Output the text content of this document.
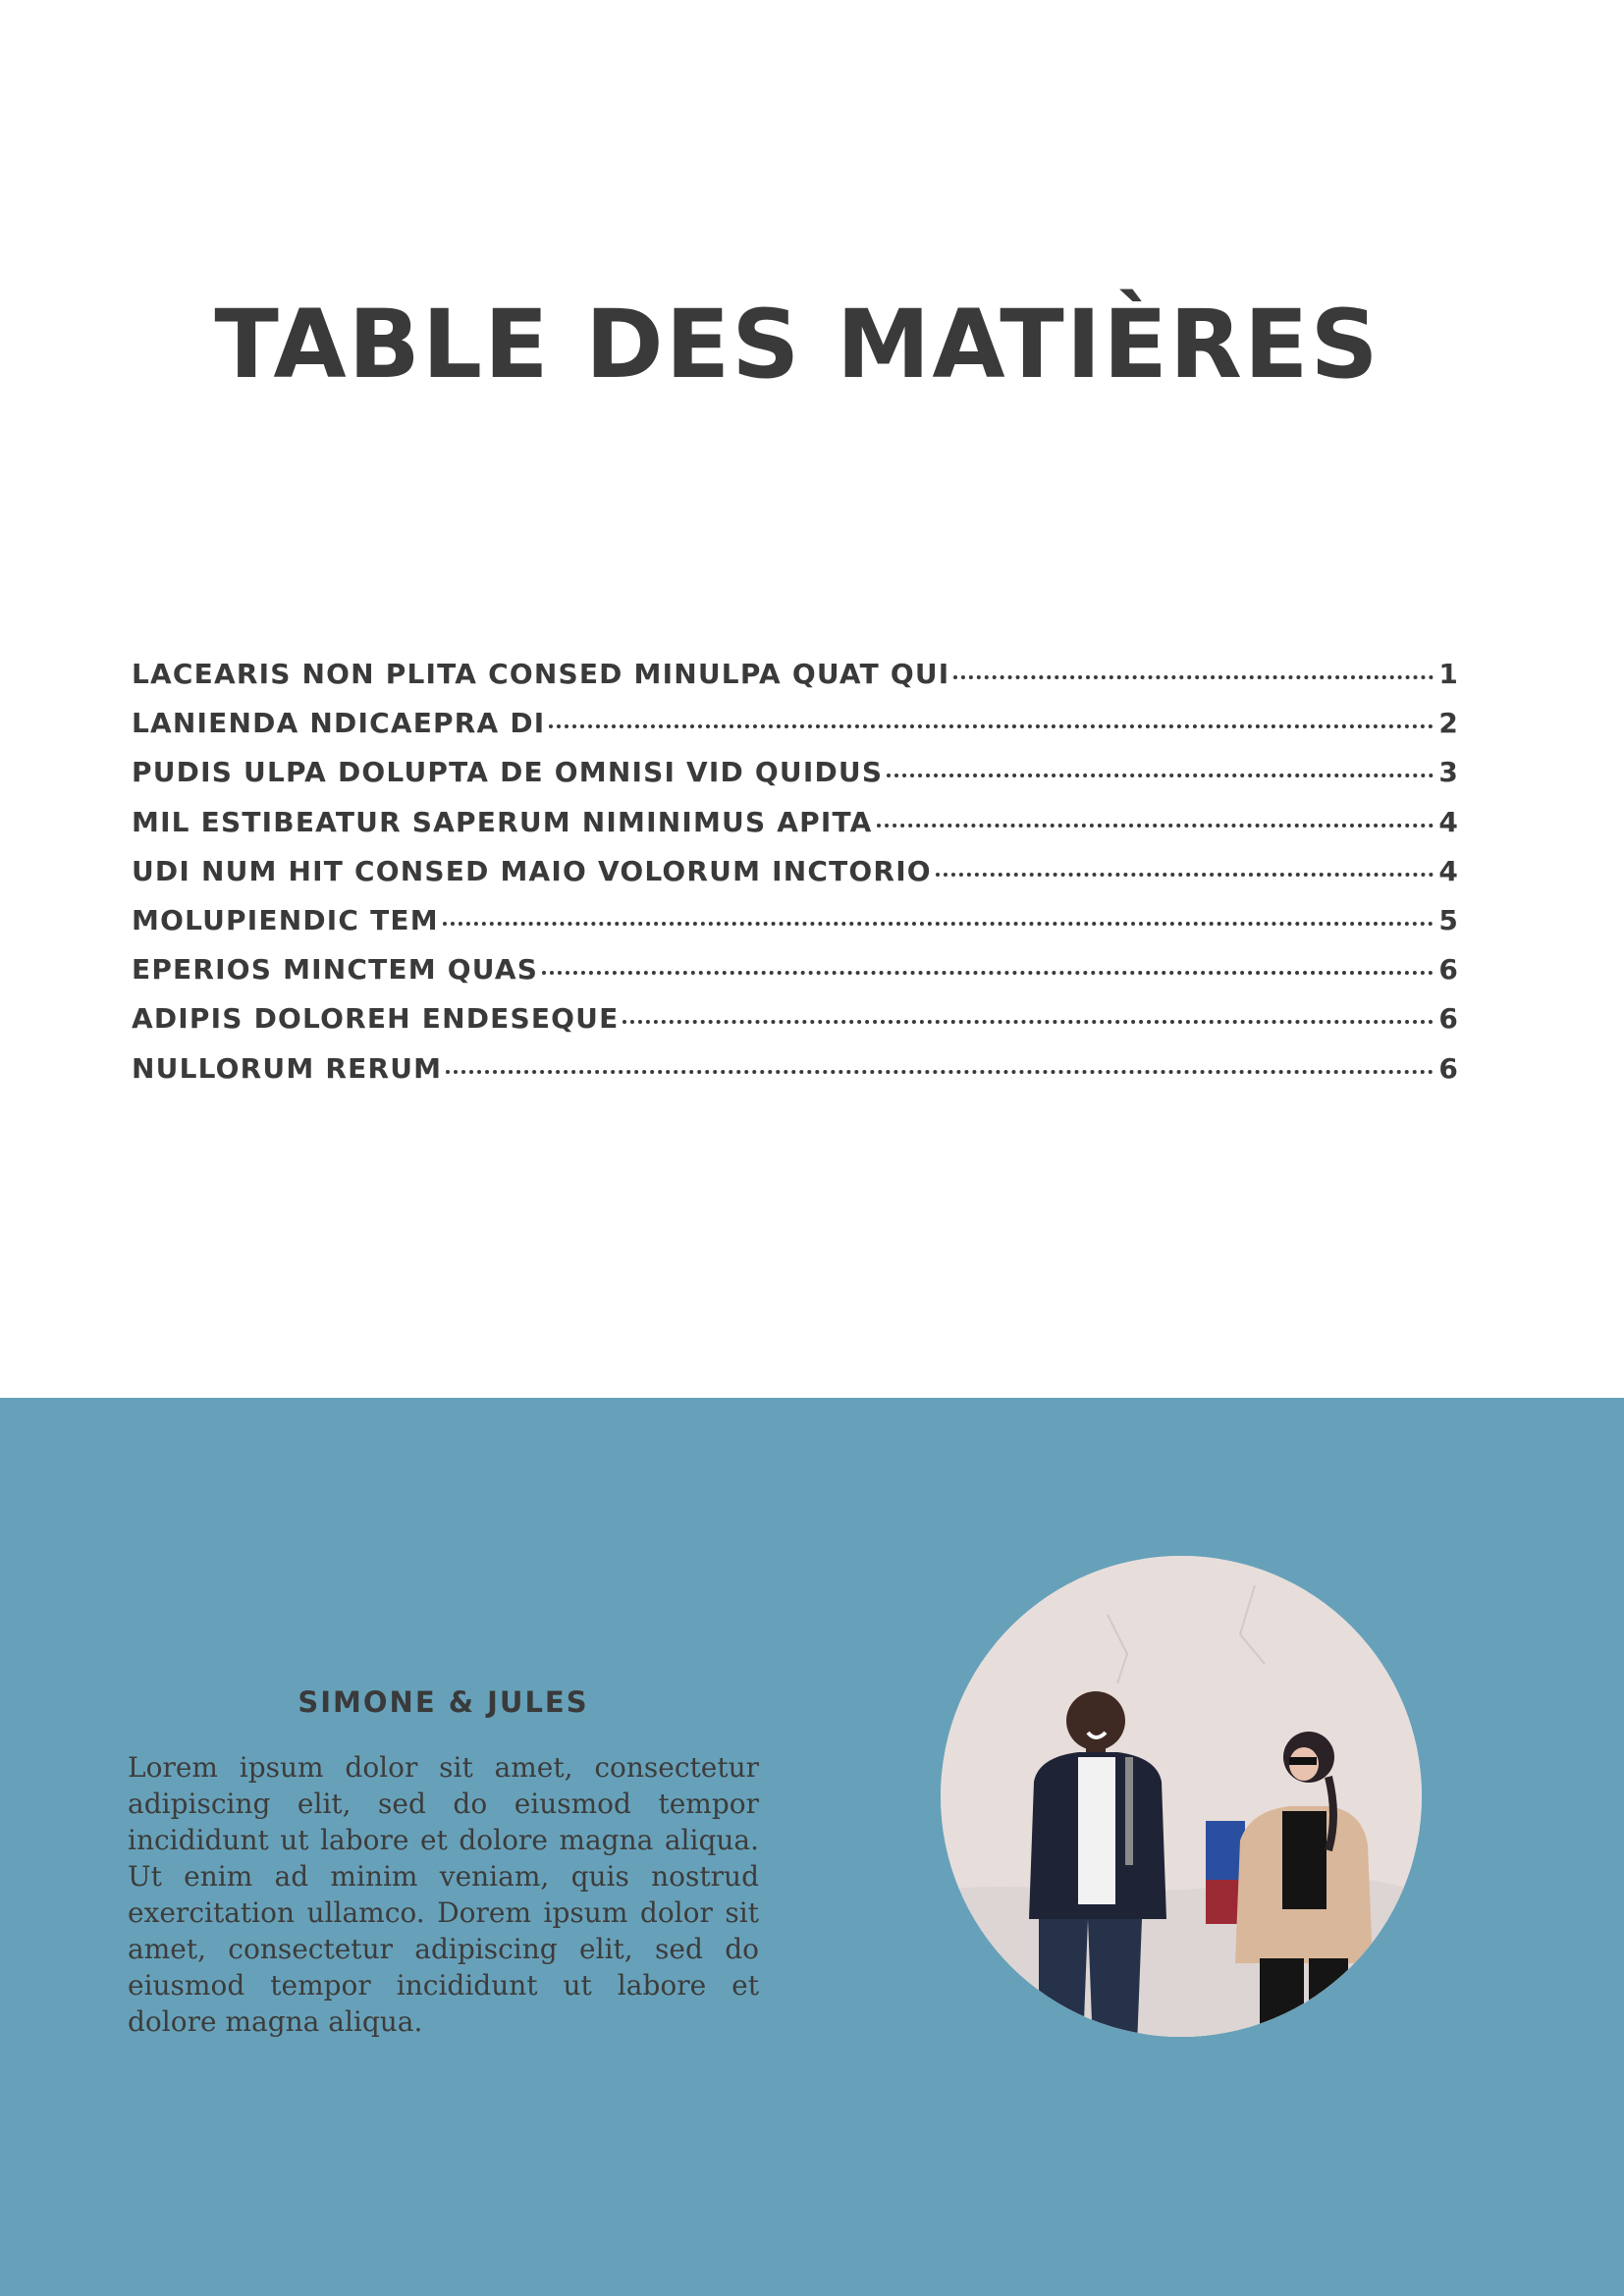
TABLE DES MATIÈRES
LACEARIS NON PLITA CONSED MINULPA QUAT QUI	1
LANIENDA NDICAEPRA DI	2
PUDIS ULPA DOLUPTA DE OMNISI VID QUIDUS	3
MIL ESTIBEATUR SAPERUM NIMINIMUS APITA	4
UDI NUM HIT CONSED MAIO VOLORUM INCTORIO	4
MOLUPIENDIC TEM	5
EPERIOS MINCTEM QUAS	6
ADIPIS DOLOREH ENDESEQUE	6
NULLORUM RERUM	6
SIMONE & JULES

Lorem ipsum dolor sit amet, consectetur adipiscing elit, sed do eiusmod tempor incididunt ut labore et dolore magna aliqua. Ut enim ad minim veniam, quis nostrud exercitation ullamco. Dorem ipsum dolor sit amet, consectetur adipiscing elit, sed do eiusmod tempor incididunt ut labore et dolore magna aliqua.
